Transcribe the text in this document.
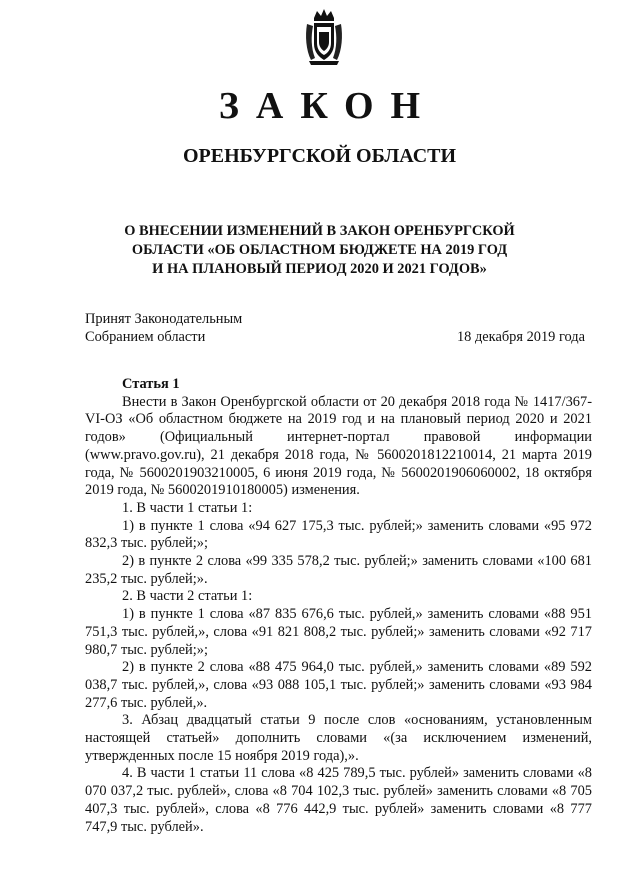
ЗАКОН
ОРЕНБУРГСКОЙ ОБЛАСТИ
О ВНЕСЕНИИ ИЗМЕНЕНИЙ В ЗАКОН ОРЕНБУРГСКОЙ
ОБЛАСТИ «ОБ ОБЛАСТНОМ БЮДЖЕТЕ НА 2019 ГОД
И НА ПЛАНОВЫЙ ПЕРИОД 2020 И 2021 ГОДОВ»
Принят Законодательным
Собранием области	18 декабря 2019 года
Статья 1

Внести в Закон Оренбургской области от 20 декабря 2018 года № 1417/367-VI-ОЗ «Об областном бюджете на 2019 год и на плановый период 2020 и 2021 годов» (Официальный интернет-портал правовой информации (www.pravo.gov.ru), 21 декабря 2018 года, № 5600201812210014, 21 марта 2019 года, № 5600201903210005, 6 июня 2019 года, № 5600201906060002, 18 октября 2019 года, № 5600201910180005) изменения.

1. В части 1 статьи 1:

1) в пункте 1 слова «94 627 175,3 тыс. рублей;» заменить словами «95 972 832,3 тыс. рублей;»;

2) в пункте 2 слова «99 335 578,2 тыс. рублей;» заменить словами «100 681 235,2 тыс. рублей;».

2. В части 2 статьи 1:

1) в пункте 1 слова «87 835 676,6 тыс. рублей,» заменить словами «88 951 751,3 тыс. рублей,», слова «91 821 808,2 тыс. рублей;» заменить словами «92 717 980,7 тыс. рублей;»;

2) в пункте 2 слова «88 475 964,0 тыс. рублей,» заменить словами «89 592 038,7 тыс. рублей,», слова «93 088 105,1 тыс. рублей;» заменить словами «93 984 277,6 тыс. рублей,».

3. Абзац двадцатый статьи 9 после слов «основаниям, установленным настоящей статьей» дополнить словами «(за исключением изменений, утвержденных после 15 ноября 2019 года),».

4. В части 1 статьи 11 слова «8 425 789,5 тыс. рублей» заменить словами «8 070 037,2 тыс. рублей», слова «8 704 102,3 тыс. рублей» заменить словами «8 705 407,3 тыс. рублей», слова «8 776 442,9 тыс. рублей» заменить словами «8 777 747,9 тыс. рублей».
